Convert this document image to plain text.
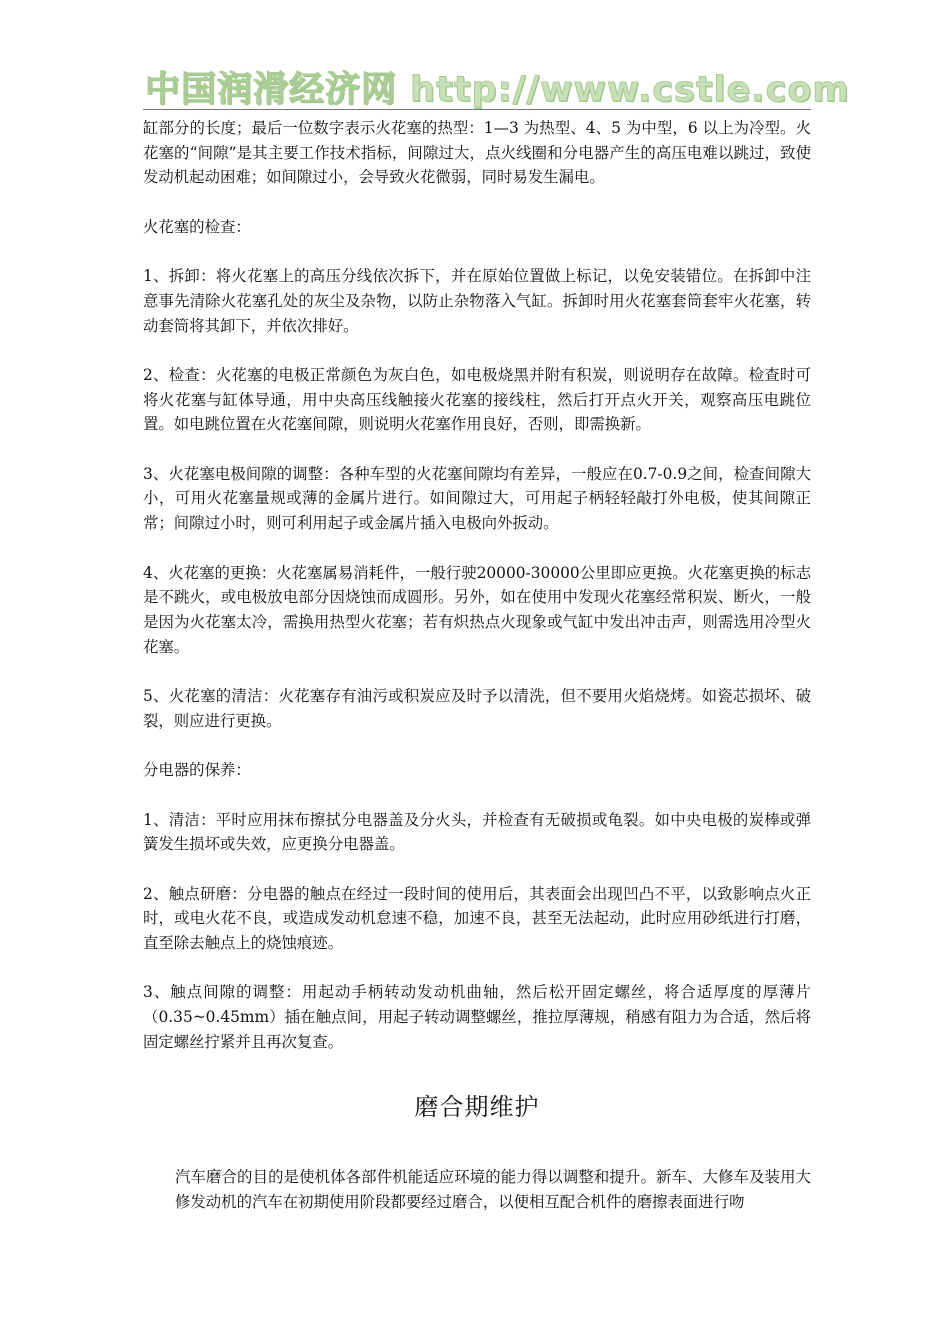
中国润滑经济网 http://www.cstle.com

缸部分的长度；最后一位数字表示火花塞的热型：1—3 为热型、4、5 为中型，6 以上为冷型。火花塞的“间隙”是其主要工作技术指标，间隙过大，点火线圈和分电器产生的高压电难以跳过，致使发动机起动困难；如间隙过小，会导致火花微弱，同时易发生漏电。

火花塞的检查：

1、拆卸：将火花塞上的高压分线依次拆下，并在原始位置做上标记，以免安装错位。在拆卸中注意事先清除火花塞孔处的灰尘及杂物，以防止杂物落入气缸。拆卸时用火花塞套筒套牢火花塞，转动套筒将其卸下，并依次排好。

2、检查：火花塞的电极正常颜色为灰白色，如电极烧黑并附有积炭，则说明存在故障。检查时可将火花塞与缸体导通，用中央高压线触接火花塞的接线柱，然后打开点火开关，观察高压电跳位置。如电跳位置在火花塞间隙，则说明火花塞作用良好，否则，即需换新。

3、火花塞电极间隙的调整：各种车型的火花塞间隙均有差异，一般应在0.7-0.9之间，检查间隙大小，可用火花塞量规或薄的金属片进行。如间隙过大，可用起子柄轻轻敲打外电极，使其间隙正常；间隙过小时，则可利用起子或金属片插入电极向外扳动。

4、火花塞的更换：火花塞属易消耗件，一般行驶20000-30000公里即应更换。火花塞更换的标志是不跳火，或电极放电部分因烧蚀而成圆形。另外，如在使用中发现火花塞经常积炭、断火，一般是因为火花塞太冷，需换用热型火花塞；若有炽热点火现象或气缸中发出冲击声，则需选用冷型火花塞。

5、火花塞的清洁：火花塞存有油污或积炭应及时予以清洗，但不要用火焰烧烤。如瓷芯损坏、破裂，则应进行更换。

分电器的保养：

1、清洁：平时应用抹布擦拭分电器盖及分火头，并检查有无破损或龟裂。如中央电极的炭棒或弹簧发生损坏或失效，应更换分电器盖。

2、触点研磨：分电器的触点在经过一段时间的使用后，其表面会出现凹凸不平，以致影响点火正时，或电火花不良，或造成发动机怠速不稳，加速不良，甚至无法起动，此时应用砂纸进行打磨，直至除去触点上的烧蚀痕迹。

3、触点间隙的调整：用起动手柄转动发动机曲轴，然后松开固定螺丝，将合适厚度的厚薄片（0.35~0.45mm）插在触点间，用起子转动调整螺丝，推拉厚薄规，稍感有阻力为合适，然后将固定螺丝拧紧并且再次复查。

磨合期维护

汽车磨合的目的是使机体各部件机能适应环境的能力得以调整和提升。新车、大修车及装用大修发动机的汽车在初期使用阶段都要经过磨合，以便相互配合机件的磨擦表面进行吻
